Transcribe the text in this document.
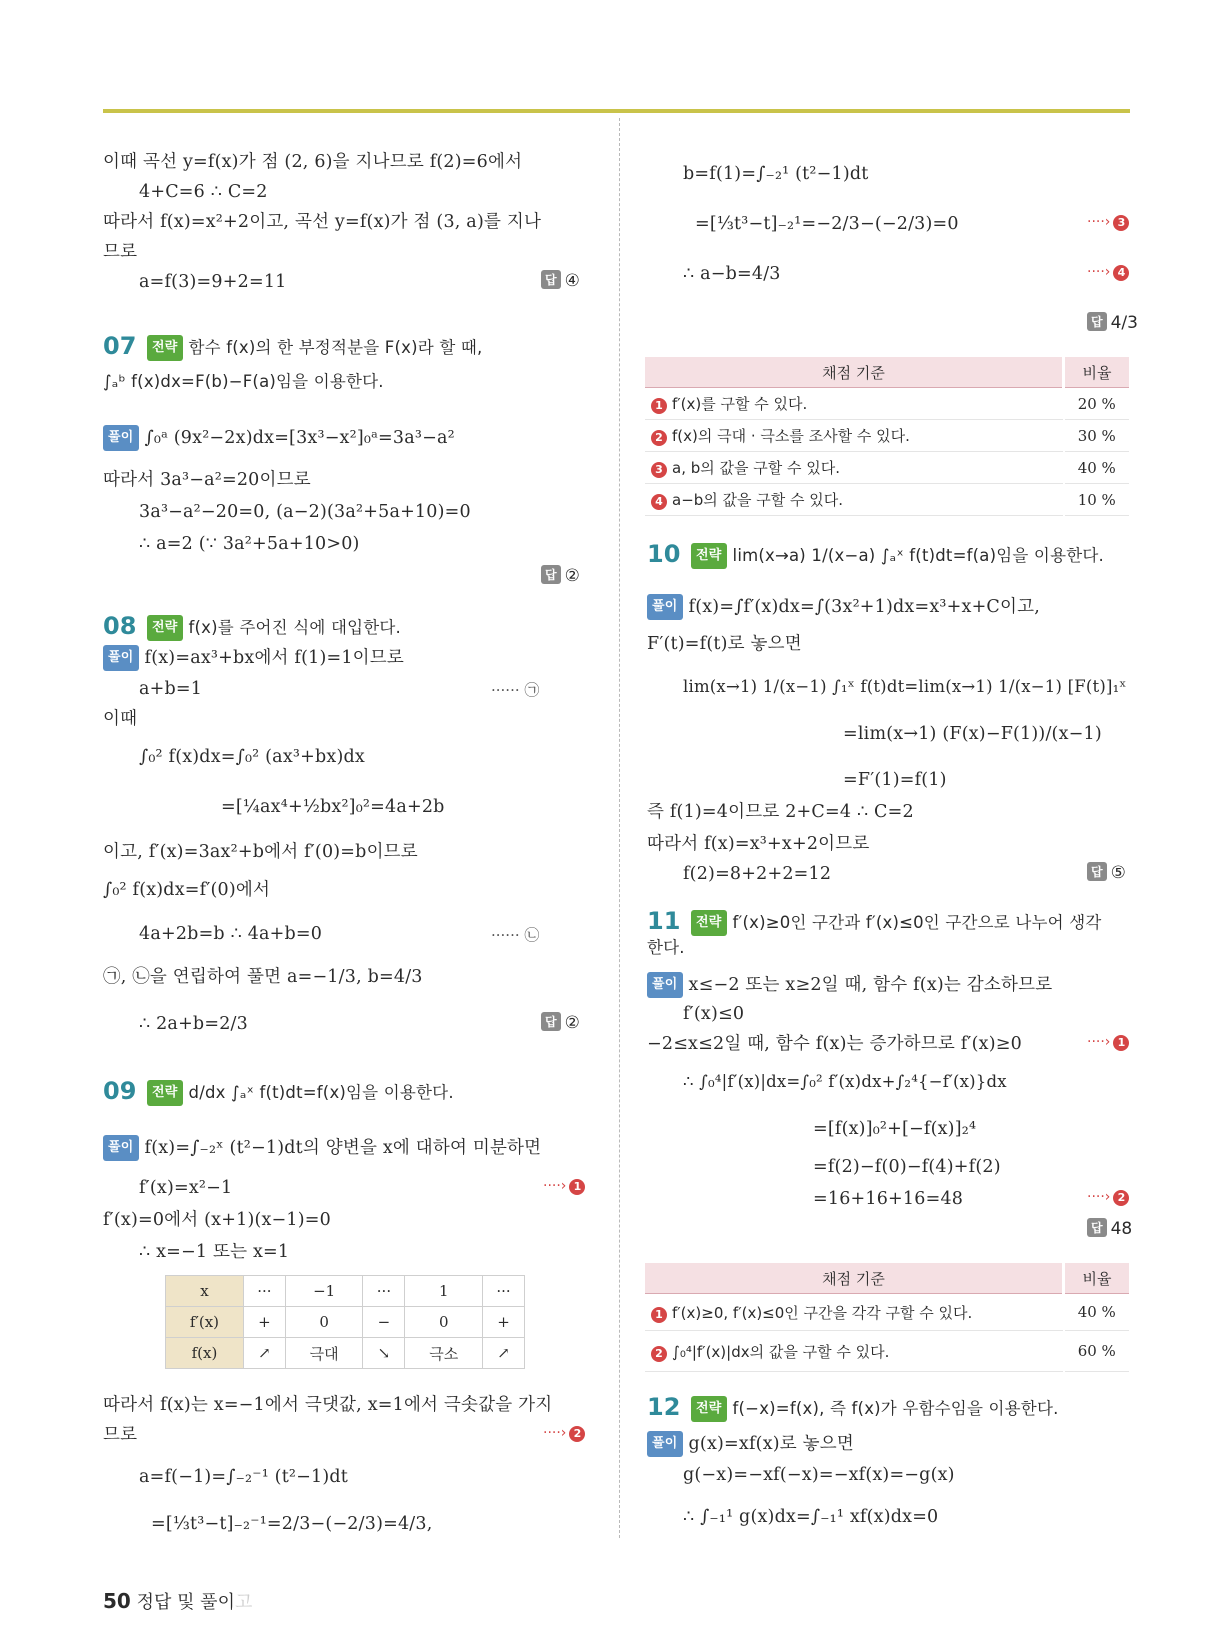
이때 곡선 y=f(x)가 점 (2, 6)을 지나므로 f(2)=6에서
4+C=6 ∴ C=2
따라서 f(x)=x²+2이고, 곡선 y=f(x)가 점 (3, a)를 지나
므로
a=f(3)=9+2=11	답 ④
07	전략 함수 f(x)의 한 부정적분을 F(x)라 할 때,
∫ₐᵇ f(x)dx=F(b)−F(a)임을 이용한다.
풀이 ∫₀ᵃ (9x²−2x)dx=[3x³−x²]₀ᵃ=3a³−a²
따라서 3a³−a²=20이므로
3a³−a²−20=0, (a−2)(3a²+5a+10)=0
∴ a=2 (∵ 3a²+5a+10>0)
답 ②
08	전략 f(x)를 주어진 식에 대입한다.
풀이 f(x)=ax³+bx에서 f(1)=1이므로
a+b=1	······ ㉠
이때
∫₀² f(x)dx=∫₀² (ax³+bx)dx
=[¼ax⁴+½bx²]₀²=4a+2b
이고, f′(x)=3ax²+b에서 f′(0)=b이므로
∫₀² f(x)dx=f′(0)에서
4a+2b=b ∴ 4a+b=0	······ ㉡
㉠, ㉡을 연립하여 풀면 a=−1/3, b=4/3
∴ 2a+b=2/3	답 ②
09	전략 d/dx ∫ₐˣ f(t)dt=f(x)임을 이용한다.
풀이 f(x)=∫₋₂ˣ (t²−1)dt의 양변을 x에 대하여 미분하면
f′(x)=x²−1	····› 1
f′(x)=0에서 (x+1)(x−1)=0
∴ x=−1 또는 x=1
x	···	−1	···	1	···
f′(x)	+	0	−	0	+
f(x)	↗	극대	↘	극소	↗
따라서 f(x)는 x=−1에서 극댓값, x=1에서 극솟값을 가지
므로	····› 2
a=f(−1)=∫₋₂⁻¹ (t²−1)dt
=[⅓t³−t]₋₂⁻¹=2/3−(−2/3)=4/3,
b=f(1)=∫₋₂¹ (t²−1)dt
=[⅓t³−t]₋₂¹=−2/3−(−2/3)=0	····› 3
∴ a−b=4/3	····› 4
답 4/3
채점 기준	비율
1 f′(x)를 구할 수 있다.	20 %
2 f(x)의 극대 · 극소를 조사할 수 있다.	30 %
3 a, b의 값을 구할 수 있다.	40 %
4 a−b의 값을 구할 수 있다.	10 %
10	전략 lim(x→a) 1/(x−a) ∫ₐˣ f(t)dt=f(a)임을 이용한다.
풀이 f(x)=∫f′(x)dx=∫(3x²+1)dx=x³+x+C이고,
F′(t)=f(t)로 놓으면
lim(x→1) 1/(x−1) ∫₁ˣ f(t)dt=lim(x→1) 1/(x−1) [F(t)]₁ˣ
=lim(x→1) (F(x)−F(1))/(x−1)
=F′(1)=f(1)
즉 f(1)=4이므로 2+C=4 ∴ C=2
따라서 f(x)=x³+x+2이므로
f(2)=8+2+2=12	답 ⑤
11	전략 f′(x)≥0인 구간과 f′(x)≤0인 구간으로 나누어 생각
한다.
풀이 x≤−2 또는 x≥2일 때, 함수 f(x)는 감소하므로
f′(x)≤0
−2≤x≤2일 때, 함수 f(x)는 증가하므로 f′(x)≥0	····› 1
∴ ∫₀⁴|f′(x)|dx=∫₀² f′(x)dx+∫₂⁴{−f′(x)}dx
=[f(x)]₀²+[−f(x)]₂⁴
=f(2)−f(0)−f(4)+f(2)
=16+16+16=48	····› 2
답 48
채점 기준	비율
1 f′(x)≥0, f′(x)≤0인 구간을 각각 구할 수 있다.	40 %
2 ∫₀⁴|f′(x)|dx의 값을 구할 수 있다.	60 %
12	전략 f(−x)=f(x), 즉 f(x)가 우함수임을 이용한다.
풀이 g(x)=xf(x)로 놓으면
g(−x)=−xf(−x)=−xf(x)=−g(x)
∴ ∫₋₁¹ g(x)dx=∫₋₁¹ xf(x)dx=0
50 정답 및 풀이고
